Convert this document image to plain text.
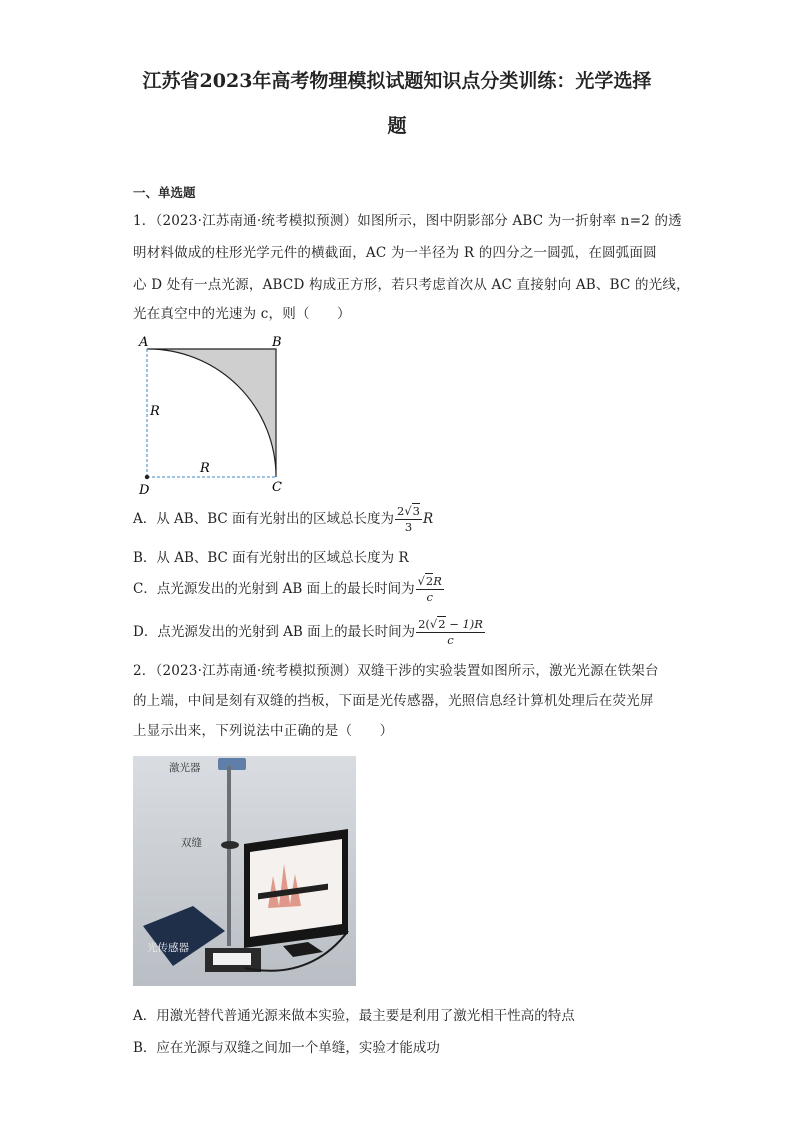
江苏省2023年高考物理模拟试题知识点分类训练：光学选择
题
一、单选题
1．（2023·江苏南通·统考模拟预测）如图所示，图中阴影部分 ABC 为一折射率 n=2 的透
明材料做成的柱形光学元件的横截面，AC 为一半径为 R 的四分之一圆弧，在圆弧面圆
心 D 处有一点光源，ABCD 构成正方形，若只考虑首次从 AC 直接射向 AB、BC 的光线，
光在真空中的光速为 c，则（　　）
A	B
C
D
R
R
A．从 AB、BC 面有光射出的区域总长度为 $\frac{2√3}{3}$ R
B．从 AB、BC 面有光射出的区域总长度为 R
C．点光源发出的光射到 AB 面上的最长时间为 $\frac{√2R}{c}$
D．点光源发出的光射到 AB 面上的最长时间为 $\frac{2(√2 - 1)R}{c}$
2．（2023·江苏南通·统考模拟预测）双缝干涉的实验装置如图所示，激光光源在铁架台
的上端，中间是刻有双缝的挡板，下面是光传感器，光照信息经计算机处理后在荧光屏
上显示出来，下列说法中正确的是（　　）
激光器
双缝
光传感器
A．用激光替代普通光源来做本实验，最主要是利用了激光相干性高的特点
B．应在光源与双缝之间加一个单缝，实验才能成功
